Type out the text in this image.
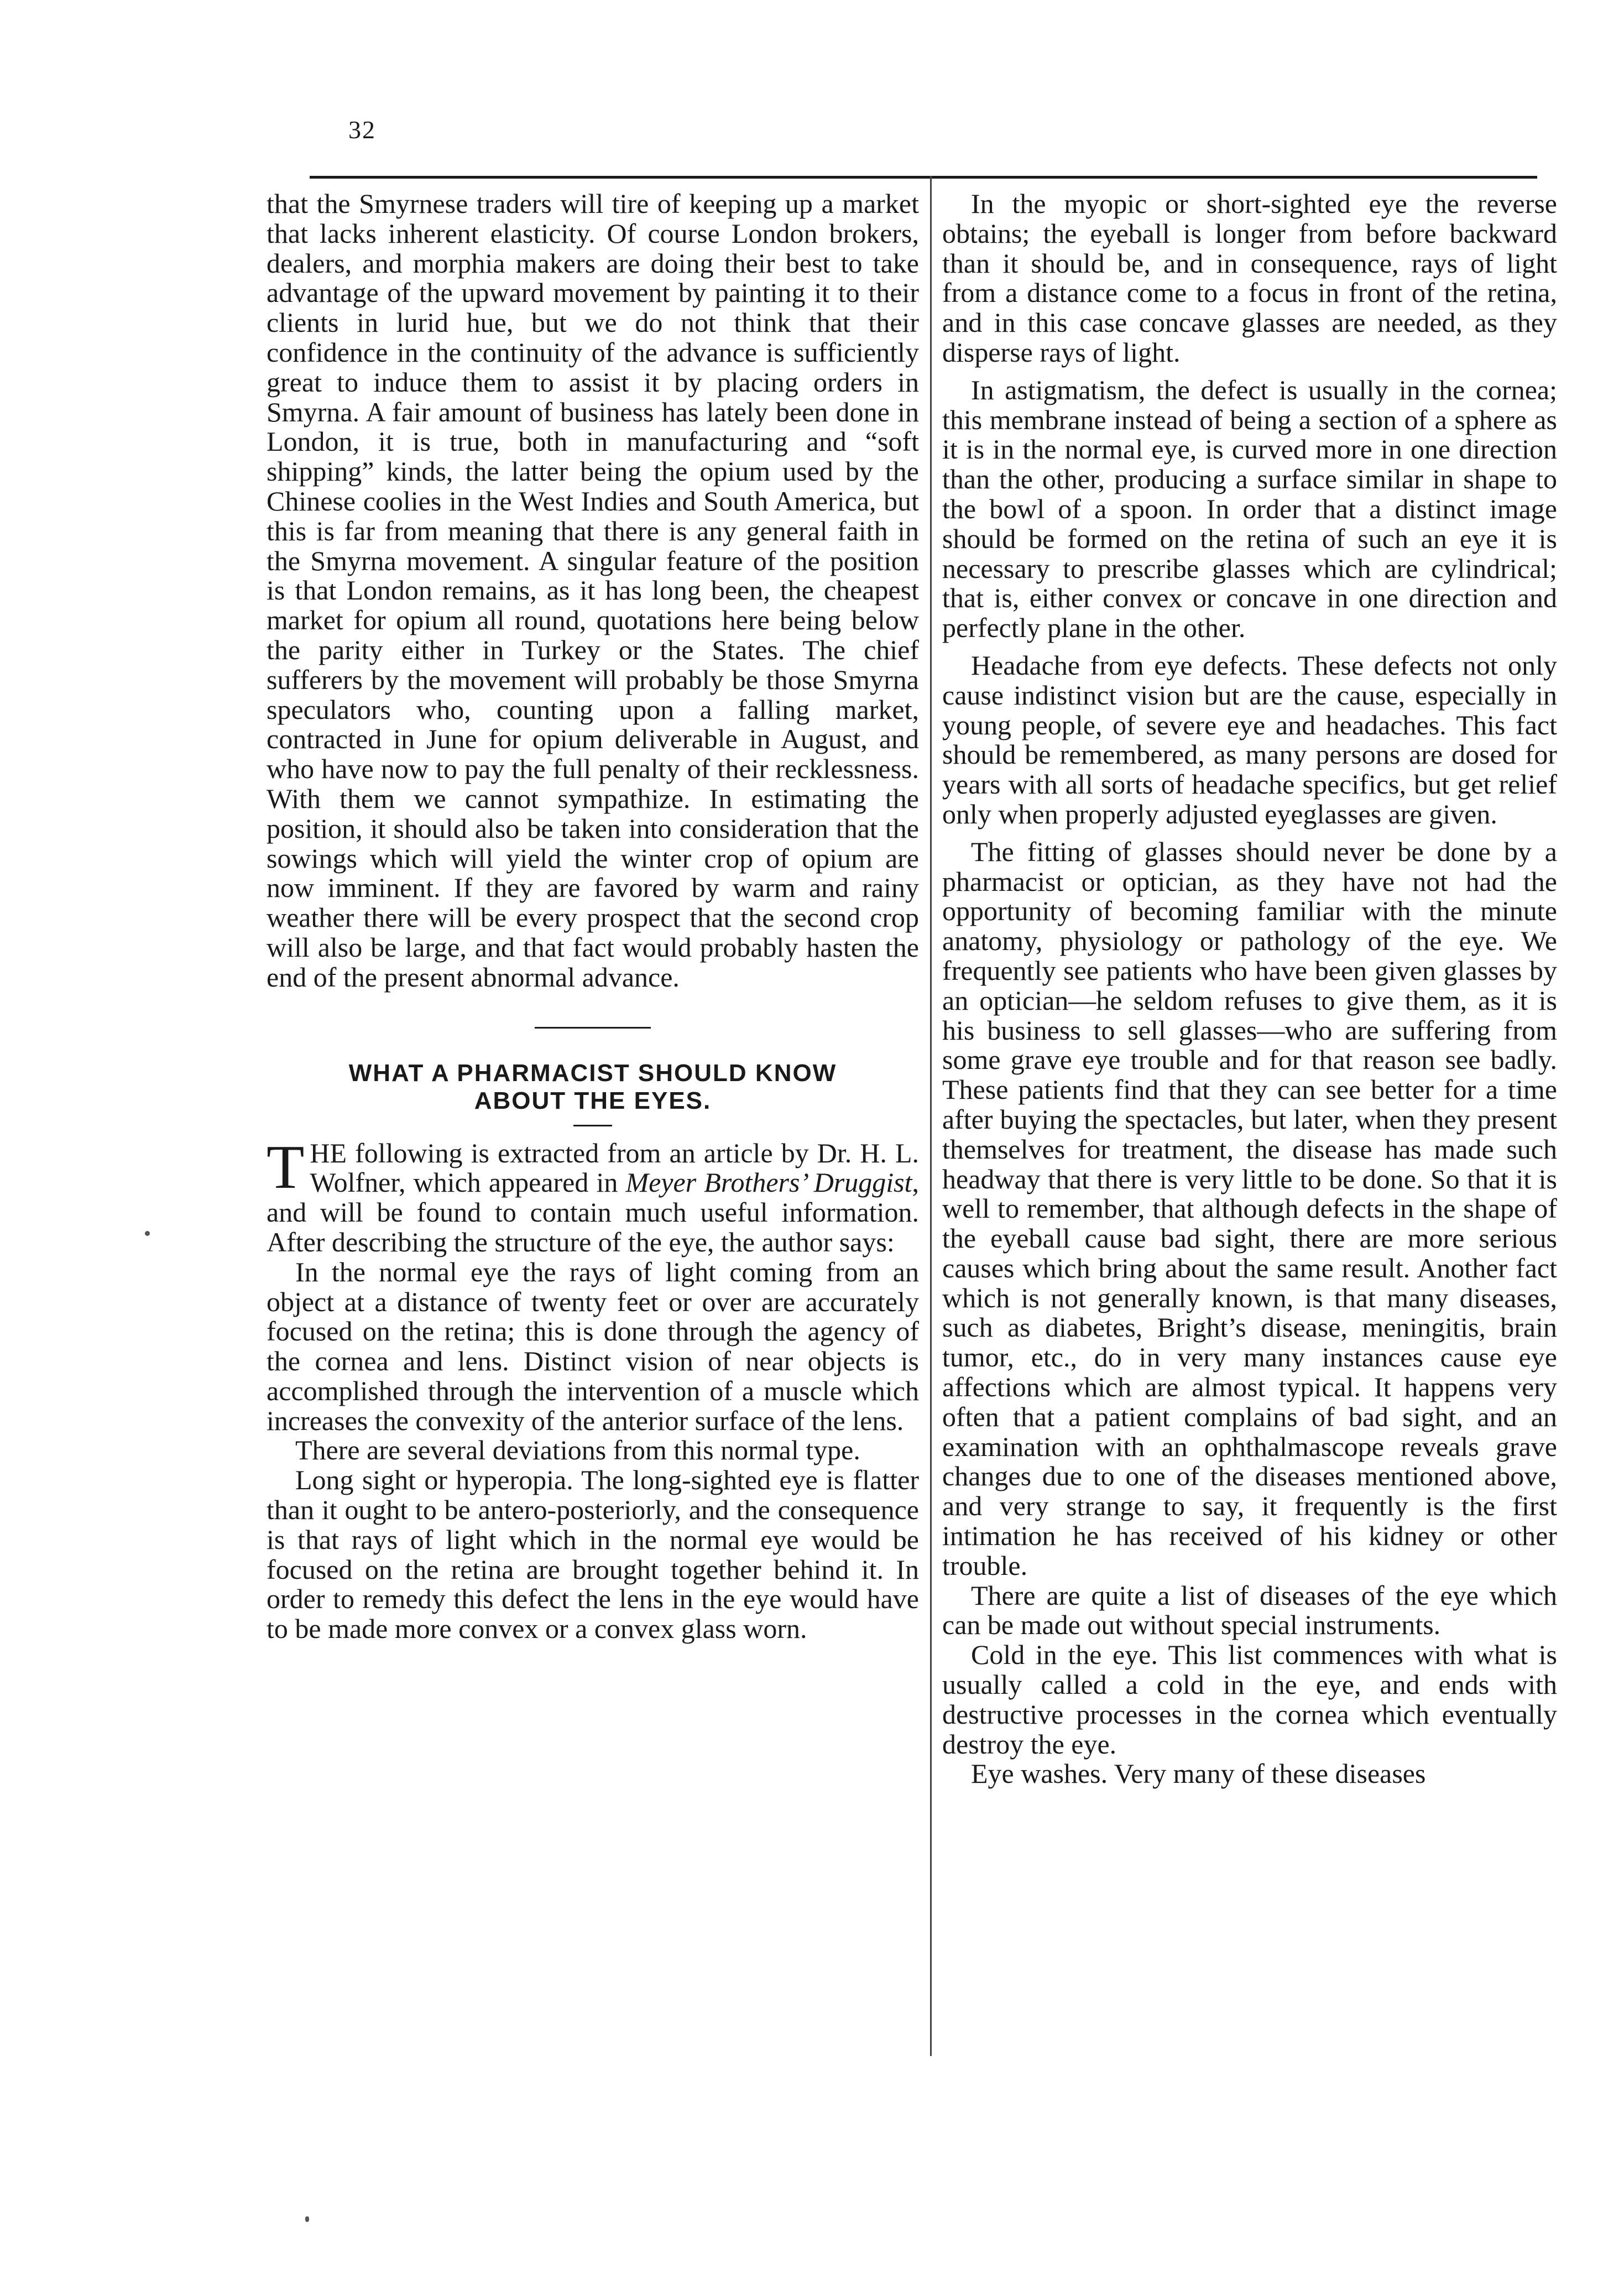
32

that the Smyrnese traders will tire of keeping up a market that lacks inherent elasticity. Of course London brokers, dealers, and morphia makers are doing their best to take advantage of the upward movement by painting it to their clients in lurid hue, but we do not think that their confidence in the continuity of the advance is sufficiently great to induce them to assist it by placing orders in Smyrna. A fair amount of business has lately been done in London, it is true, both in manufacturing and “soft shipping” kinds, the latter being the opium used by the Chinese coolies in the West Indies and South America, but this is far from meaning that there is any general faith in the Smyrna movement. A singular feature of the position is that London remains, as it has long been, the cheapest market for opium all round, quotations here being below the parity either in Turkey or the States. The chief sufferers by the movement will probably be those Smyrna speculators who, counting upon a falling market, contracted in June for opium deliverable in August, and who have now to pay the full penalty of their recklessness. With them we cannot sympathize. In estimating the position, it should also be taken into consideration that the sowings which will yield the winter crop of opium are now imminent. If they are favored by warm and rainy weather there will be every prospect that the second crop will also be large, and that fact would probably hasten the end of the present abnormal advance.

WHAT A PHARMACIST SHOULD KNOW
ABOUT THE EYES.

THE following is extracted from an article by Dr. H. L. Wolfner, which appeared in Meyer Brothers’ Druggist, and will be found to contain much useful information. After describing the structure of the eye, the author says:

In the normal eye the rays of light coming from an object at a distance of twenty feet or over are accurately focused on the retina; this is done through the agency of the cornea and lens. Distinct vision of near objects is accomplished through the intervention of a muscle which increases the convexity of the anterior surface of the lens.

There are several deviations from this normal type.

Long sight or hyperopia. The long-sighted eye is flatter than it ought to be antero-posteriorly, and the consequence is that rays of light which in the normal eye would be focused on the retina are brought together behind it. In order to remedy this defect the lens in the eye would have to be made more convex or a convex glass worn.

In the myopic or short-sighted eye the reverse obtains; the eyeball is longer from before backward than it should be, and in consequence, rays of light from a distance come to a focus in front of the retina, and in this case concave glasses are needed, as they disperse rays of light.

In astigmatism, the defect is usually in the cornea; this membrane instead of being a section of a sphere as it is in the normal eye, is curved more in one direction than the other, producing a surface similar in shape to the bowl of a spoon. In order that a distinct image should be formed on the retina of such an eye it is necessary to prescribe glasses which are cylindrical; that is, either convex or concave in one direction and perfectly plane in the other.

Headache from eye defects. These defects not only cause indistinct vision but are the cause, especially in young people, of severe eye and headaches. This fact should be remembered, as many persons are dosed for years with all sorts of headache specifics, but get relief only when properly adjusted eyeglasses are given.

The fitting of glasses should never be done by a pharmacist or optician, as they have not had the opportunity of becoming familiar with the minute anatomy, physiology or pathology of the eye. We frequently see patients who have been given glasses by an optician—he seldom refuses to give them, as it is his business to sell glasses—who are suffering from some grave eye trouble and for that reason see badly. These patients find that they can see better for a time after buying the spectacles, but later, when they present themselves for treatment, the disease has made such headway that there is very little to be done. So that it is well to remember, that although defects in the shape of the eyeball cause bad sight, there are more serious causes which bring about the same result. Another fact which is not generally known, is that many diseases, such as diabetes, Bright’s disease, meningitis, brain tumor, etc., do in very many instances cause eye affections which are almost typical. It happens very often that a patient complains of bad sight, and an examination with an ophthalmascope reveals grave changes due to one of the diseases mentioned above, and very strange to say, it frequently is the first intimation he has received of his kidney or other trouble.

There are quite a list of diseases of the eye which can be made out without special instruments.

Cold in the eye. This list commences with what is usually called a cold in the eye, and ends with destructive processes in the cornea which eventually destroy the eye.

Eye washes. Very many of these diseases
